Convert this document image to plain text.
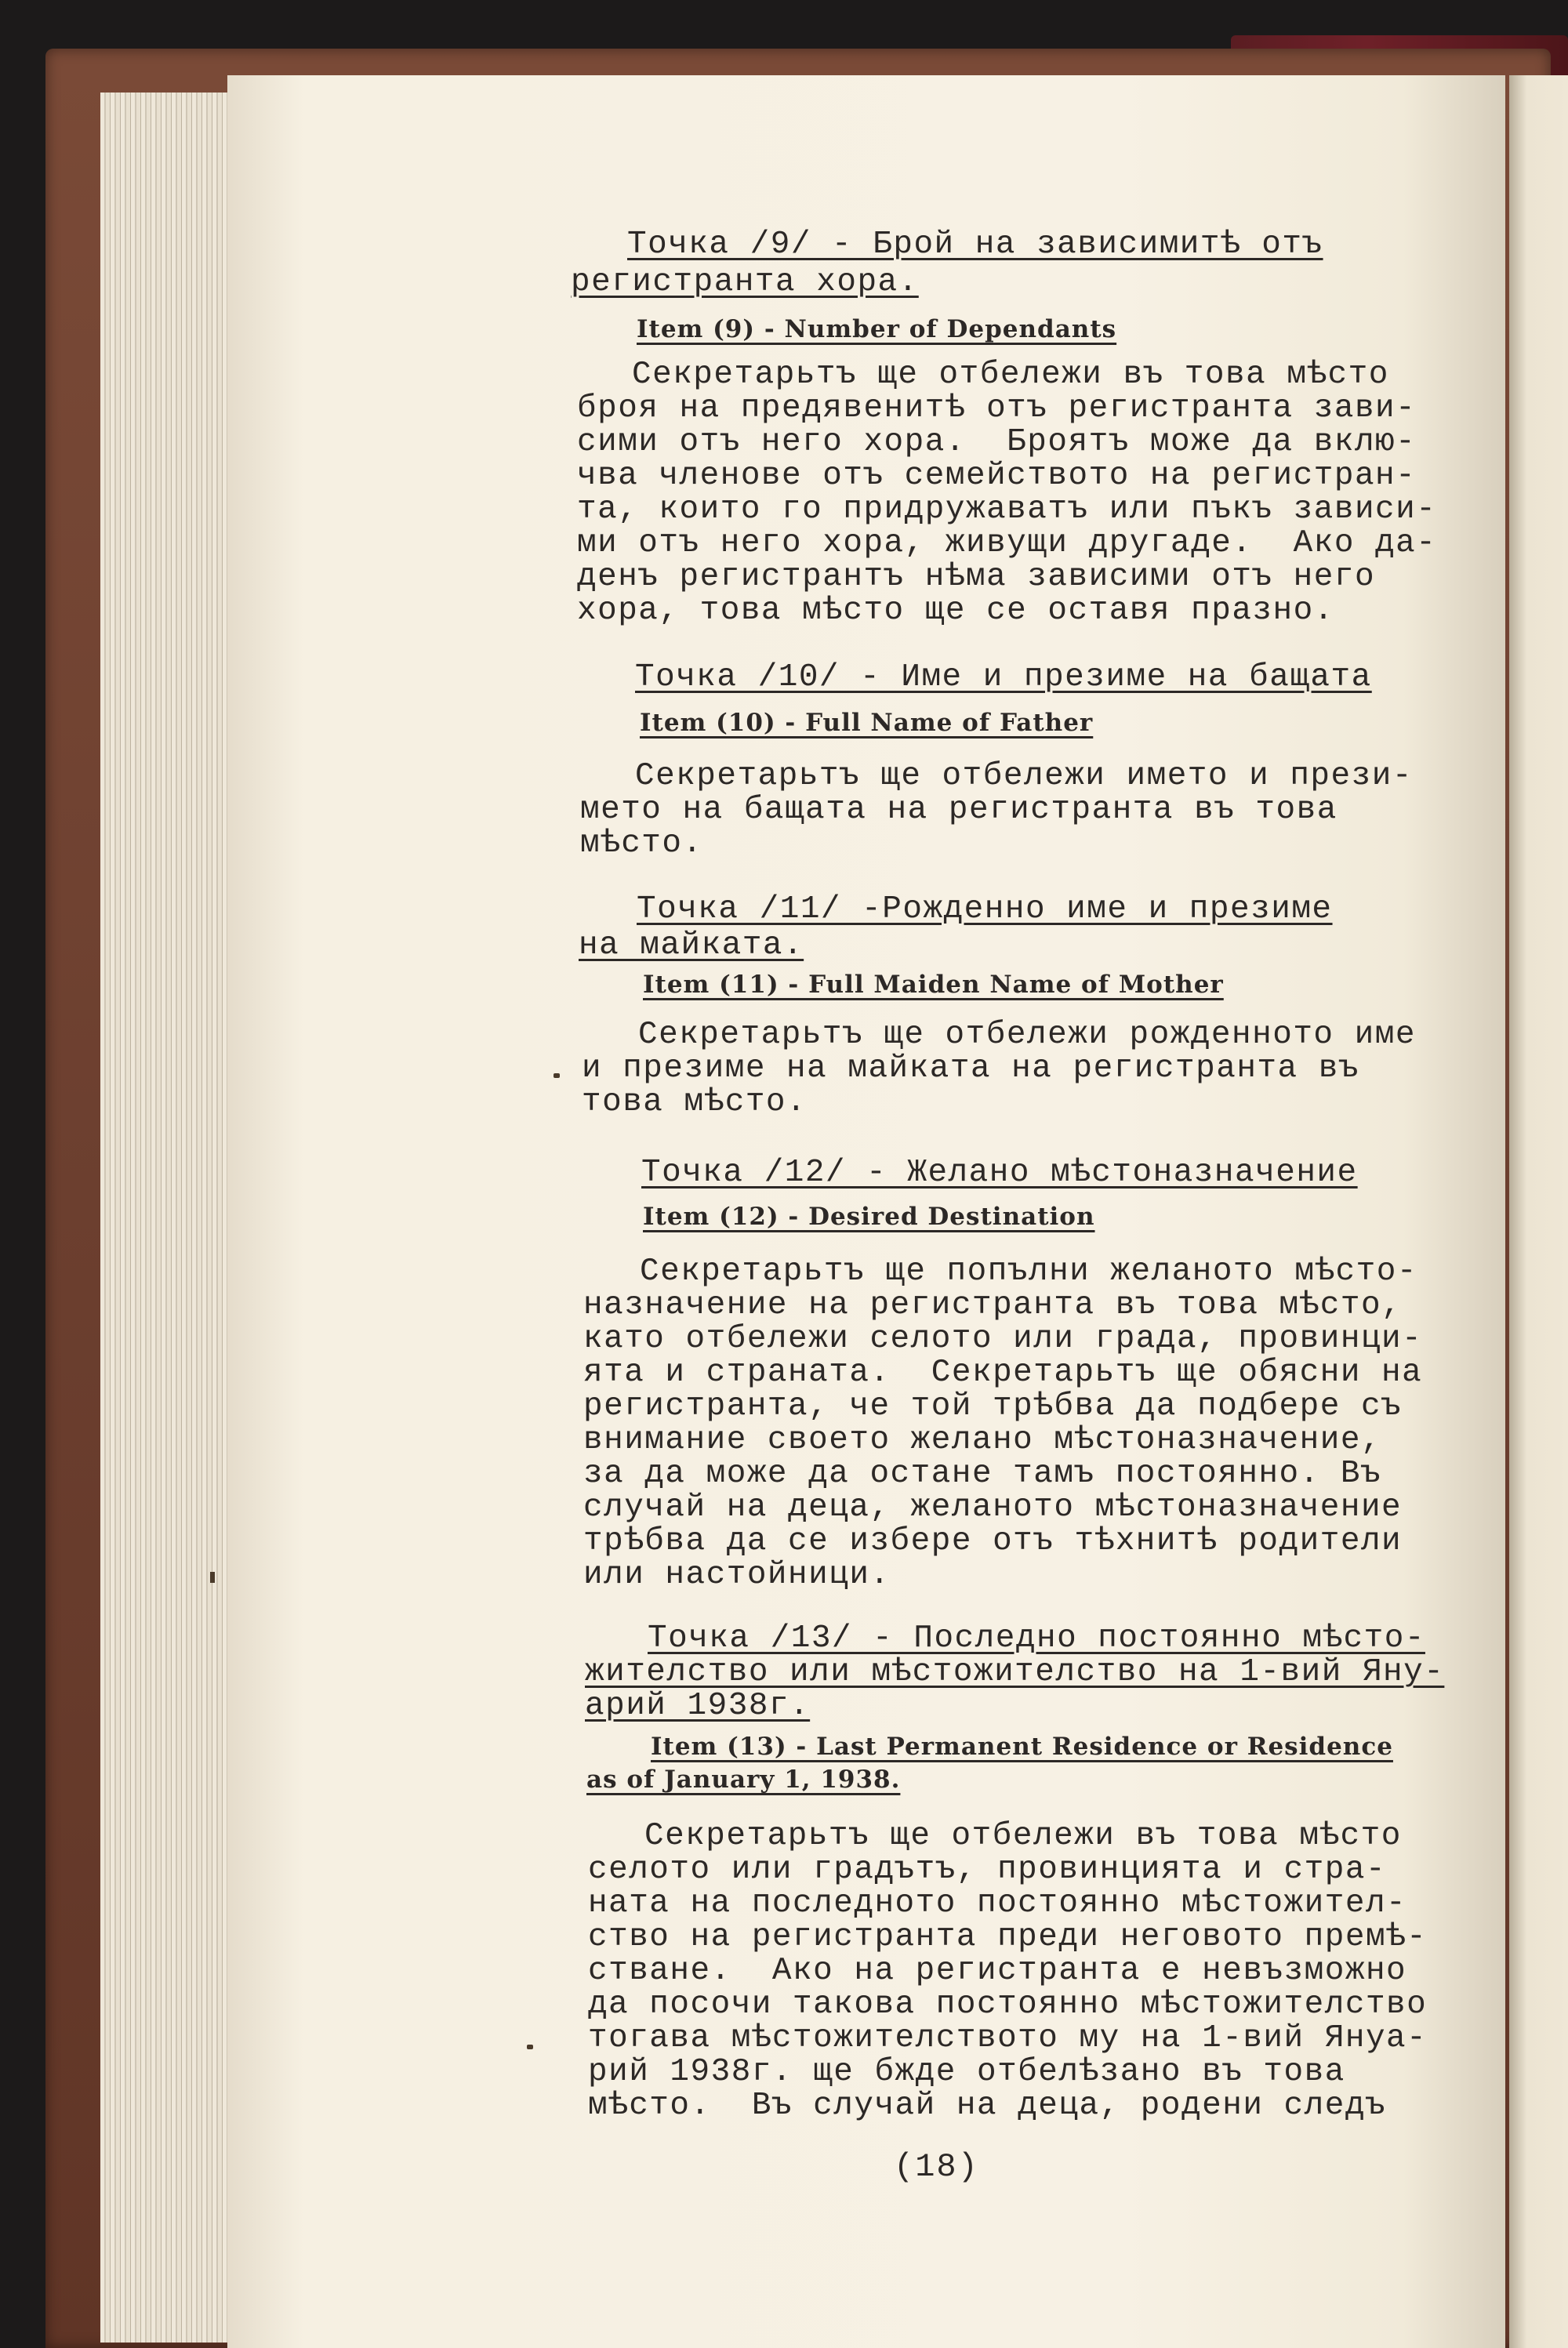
Точка /9/ - Брой на зависимитѣ отъ
регистранта хора.
Item (9) - Number of Dependants
Секретарьтъ ще отбележи въ това мѣсто
броя на предявенитѣ отъ регистранта зави-
сими отъ него хора.  Броятъ може да вклю-
чва членове отъ семейството на регистран-
та, които го придружаватъ или пъкъ зависи-
ми отъ него хора, живущи другаде.  Ако да-
денъ регистрантъ нѣма зависими отъ него
хора, това мѣсто ще се оставя празно.
Точка /10/ - Име и презиме на бащата
Item (10) - Full Name of Father
Секретарьтъ ще отбележи името и прези-
мето на бащата на регистранта въ това
мѣсто.
Точка /11/ -Рожденно име и презиме
на майката.
Item (11) - Full Maiden Name of Mother
Секретарьтъ ще отбележи рожденното име
и презиме на майката на регистранта въ
това мѣсто.
Точка /12/ - Желано мѣстоназначение
Item (12) - Desired Destination
Секретарьтъ ще попълни желаното мѣсто-
назначение на регистранта въ това мѣсто,
като отбележи селото или града, провинци-
ята и страната.  Секретарьтъ ще обясни на
регистранта, че той трѣбва да подбере съ
внимание своето желано мѣстоназначение,
за да може да остане тамъ постоянно. Въ
случай на деца, желаното мѣстоназначение
трѣбва да се избере отъ тѣхнитѣ родители
или настойници.
Точка /13/ - Последно постоянно мѣсто-
жителство или мѣстожителство на 1-вий Яну-
арий 1938г.
Item (13) - Last Permanent Residence or Residence
as of January 1, 1938.
Секретарьтъ ще отбележи въ това мѣсто
селото или градътъ, провинцията и стра-
ната на последното постоянно мѣстожител-
ство на регистранта преди неговото премѣ-
стване.  Ако на регистранта е невъзможно
да посочи такова постоянно мѣстожителство
тогава мѣстожителството му на 1-вий Януа-
рий 1938г. ще бжде отбелѣзано въ това
мѣсто.  Въ случай на деца, родени следъ
(18)
